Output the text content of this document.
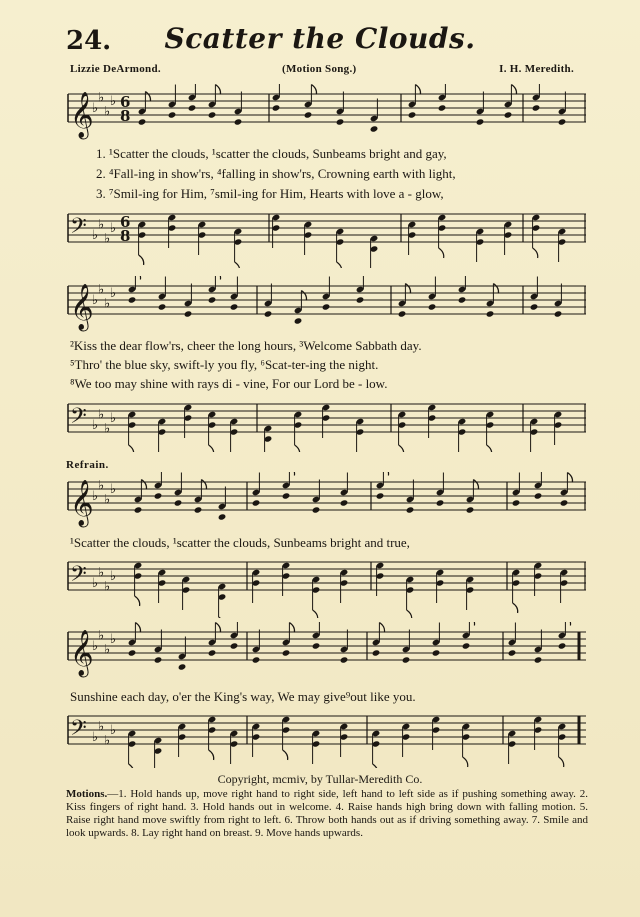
24.	Scatter the Clouds.
Lizzie DeArmond.	(Motion Song.)	I. H. Meredith.
𝄞
♭
♭
♭
♭ 6
8
1. ¹Scatter the clouds, ¹scatter the clouds, Sunbeams bright and gay,
2. ⁴Fall-ing in show'rs, ⁴falling in show'rs, Crowning earth with light,
3. ⁷Smil-ing for Him, ⁷smil-ing for Him, Hearts with love a - glow,
𝄢 ♭
♭
♭
♭ 6
8
𝄞
♭
♭
♭
♭
²Kiss the dear flow'rs, cheer the long hours, ³Welcome Sabbath day.
⁵Thro' the blue sky, swift-ly you fly, ⁶Scat-ter-ing the night.
⁸We too may shine with rays di - vine, For our Lord be - low.
𝄢 ♭
♭
♭
♭
Refrain.
𝄞
♭
♭
♭
♭
¹Scatter the clouds, ¹scatter the clouds, Sunbeams bright and true,
𝄢 ♭
♭
♭
♭
𝄞
♭
♭
♭
♭
Sunshine each day, o'er the King's way, We may give⁹out like you.
𝄢 ♭
♭
♭
♭
Copyright, mcmiv, by Tullar-Meredith Co.
Motions.—1. Hold hands up, move right hand to right side, left hand to left side as if pushing something away. 2. Kiss fingers of right hand. 3. Hold hands out in welcome. 4. Raise hands high bring down with falling motion. 5. Raise right hand move swiftly from right to left. 6. Throw both hands out as if driving something away. 7. Smile and look upwards. 8. Lay right hand on breast. 9. Move hands upwards.
